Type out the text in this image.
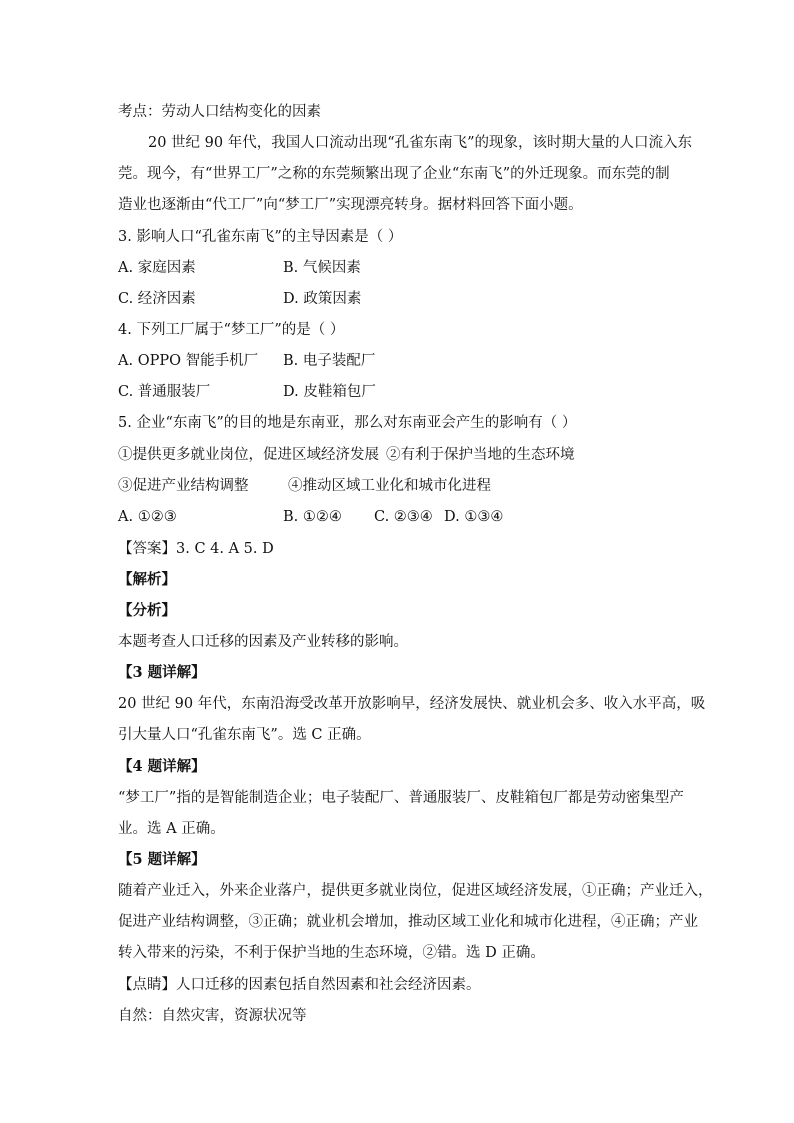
考点：劳动人口结构变化的因素
20 世纪 90 年代，我国人口流动出现“孔雀东南飞”的现象，该时期大量的人口流入东
莞。现今，有“世界工厂”之称的东莞频繁出现了企业“东南飞”的外迁现象。而东莞的制
造业也逐渐由“代工厂”向“梦工厂”实现漂亮转身。据材料回答下面小题。
3. 影响人口“孔雀东南飞”的主导因素是（ ）
A. 家庭因素	B. 气候因素
C. 经济因素	D. 政策因素
4. 下列工厂属于“梦工厂”的是（ ）
A. OPPO 智能手机厂 B. 电子装配厂
C. 普通服装厂	D. 皮鞋箱包厂
5. 企业“东南飞”的目的地是东南亚，那么对东南亚会产生的影响有（ ）
①提供更多就业岗位，促进区域经济发展 ②有利于保护当地的生态环境
③促进产业结构调整	④推动区域工业化和城市化进程
A. ①②③	B. ①②④ C. ②③④ D. ①③④
【答案】3. C 4. A 5. D
【解析】
【分析】
本题考查人口迁移的因素及产业转移的影响。
【3 题详解】
20 世纪 90 年代，东南沿海受改革开放影响早，经济发展快、就业机会多、收入水平高，吸
引大量人口“孔雀东南飞”。选 C 正确。
【4 题详解】
“梦工厂”指的是智能制造企业；电子装配厂、普通服装厂、皮鞋箱包厂都是劳动密集型产
业。选 A 正确。
【5 题详解】
随着产业迁入，外来企业落户，提供更多就业岗位，促进区域经济发展，①正确；产业迁入，
促进产业结构调整，③正确；就业机会增加，推动区域工业化和城市化进程，④正确；产业
转入带来的污染，不利于保护当地的生态环境，②错。选 D 正确。
【点睛】人口迁移的因素包括自然因素和社会经济因素。
自然：自然灾害，资源状况等
